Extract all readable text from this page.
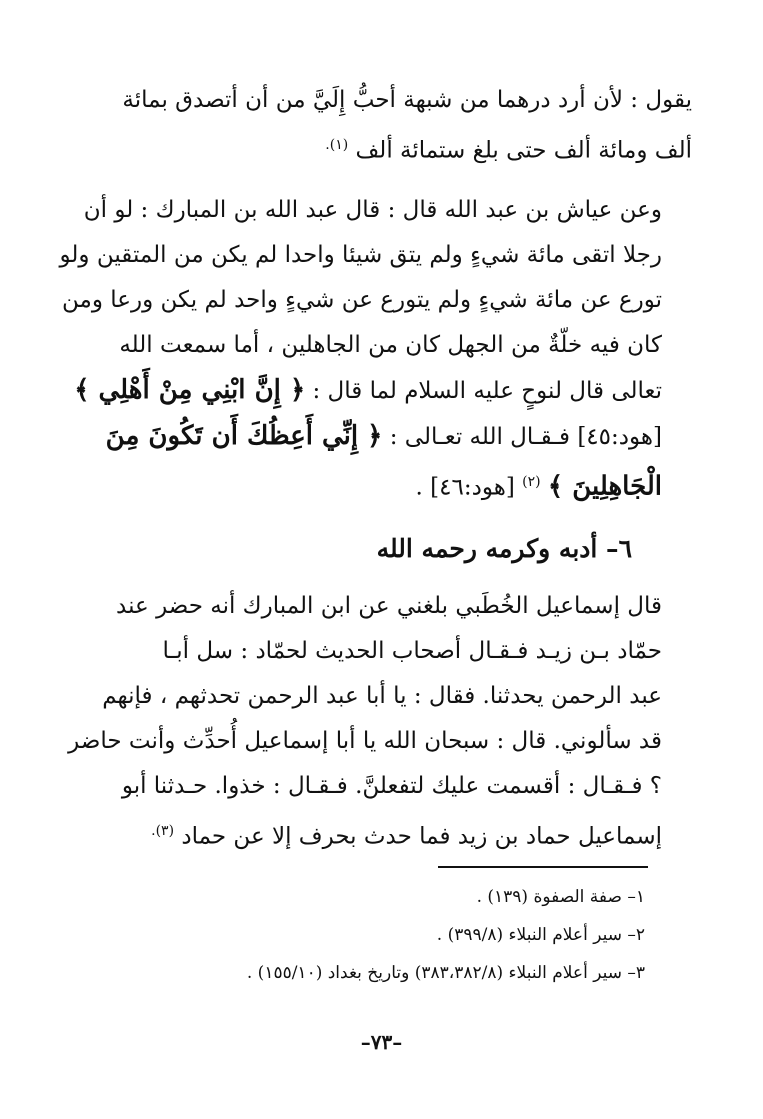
يقول : لأن أرد درهما من شبهة أحبُّ إِلَيَّ من أن أتصدق بمائة
ألف ومائة ألف حتى بلغ ستمائة ألف $^{(١).}$

وعن عياش بن عبد الله قال : قال عبد الله بن المبارك : لو أن
رجلا اتقى مائة شيءٍ ولم يتق شيئا واحدا لم يكن من المتقين ولو
تورع عن مائة شيءٍ ولم يتورع عن شيءٍ واحد لم يكن ورعا ومن
كان فيه خلّةٌ من الجهل كان من الجاهلين ، أما سمعت الله
تعالى قال لنوحٍ عليه السلام لما قال : ﴿ إِنَّ ابْنِي مِنْ أَهْلِي ﴾
[هود:٤٥] فـقـال الله تعـالى : ﴿ إِنِّي أَعِظُكَ أَن تَكُونَ مِنَ
الْجَاهِلِينَ ﴾ $^{(٢)}$ [هود:٤٦] .

٦– أدبه وكرمه رحمه الله

قال إسماعيل الخُطَبي بلغني عن ابن المبارك أنه حضر عند
حمّاد بـن زيـد فـقـال أصحاب الحديث لحمّاد : سل أبـا
عبد الرحمن يحدثنا. فقال : يا أبا عبد الرحمن تحدثهم ، فإنهم
قد سألوني. قال : سبحان الله يا أبا إسماعيل أُحدِّث وأنت حاضر
؟ فـقـال : أقسمت عليك لتفعلنَّ. فـقـال : خذوا. حـدثنا أبو
إسماعيل حماد بن زيد فما حدث بحرف إلا عن حماد $^{(٣).}$

١– صفة الصفوة (١٣٩) .
٢– سير أعلام النبلاء (٣٩٩/٨) .
٣– سير أعلام النبلاء (٣٨٣،٣٨٢/٨) وتاريخ بغداد (١٥٥/١٠) .
–٧٣–
